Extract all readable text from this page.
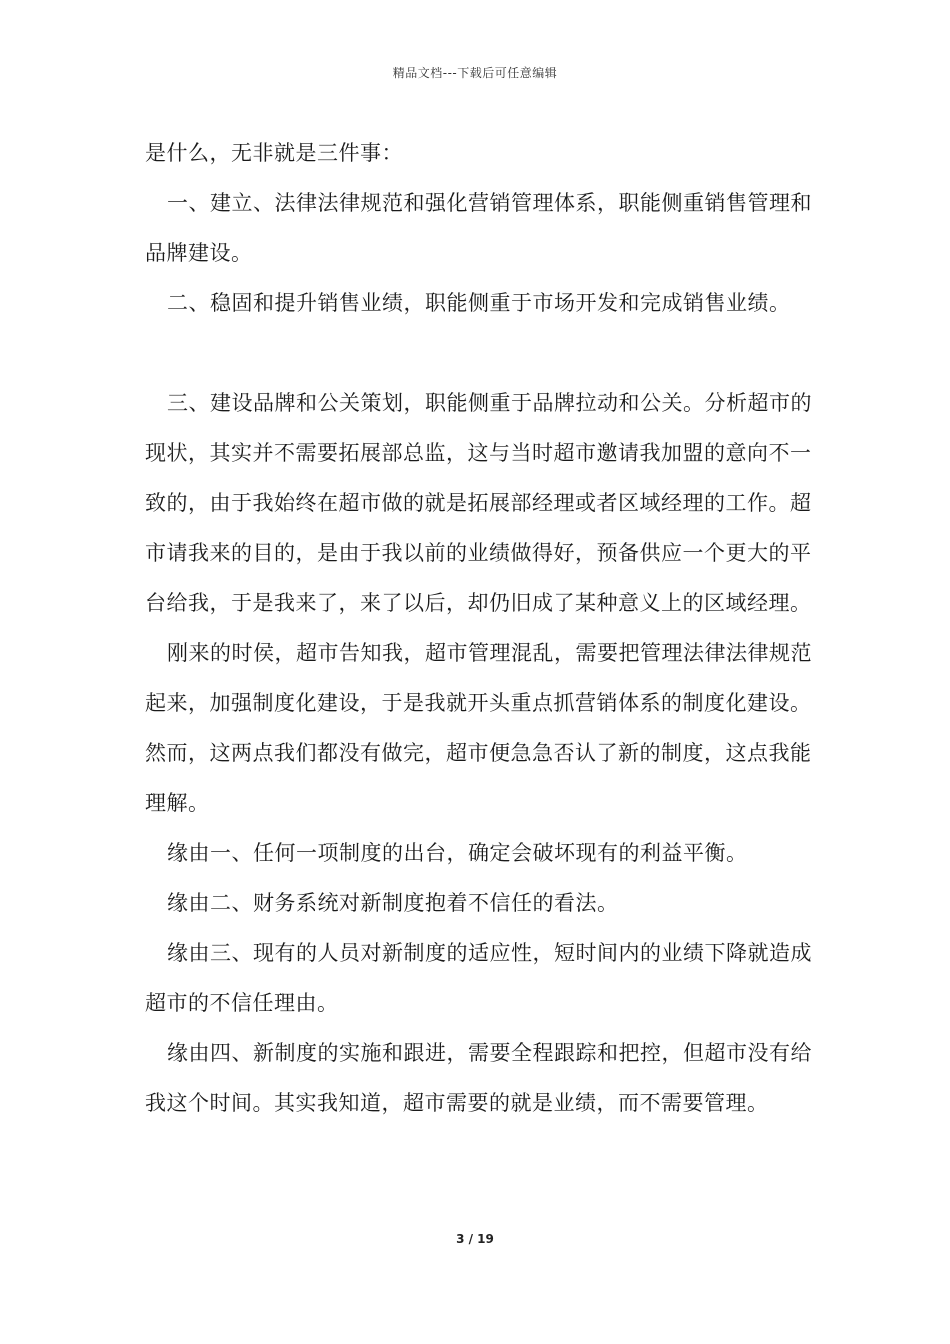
精品文档---下载后可任意编辑

是什么，无非就是三件事：

一、建立、法律法律规范和强化营销管理体系，职能侧重销售管理和品牌建设。

二、稳固和提升销售业绩，职能侧重于市场开发和完成销售业绩。

三、建设品牌和公关策划，职能侧重于品牌拉动和公关。分析超市的现状，其实并不需要拓展部总监，这与当时超市邀请我加盟的意向不一致的，由于我始终在超市做的就是拓展部经理或者区域经理的工作。超市请我来的目的，是由于我以前的业绩做得好，预备供应一个更大的平台给我，于是我来了，来了以后，却仍旧成了某种意义上的区域经理。

刚来的时侯，超市告知我，超市管理混乱，需要把管理法律法律规范起来，加强制度化建设，于是我就开头重点抓营销体系的制度化建设。然而，这两点我们都没有做完，超市便急急否认了新的制度，这点我能理解。

缘由一、任何一项制度的出台，确定会破坏现有的利益平衡。

缘由二、财务系统对新制度抱着不信任的看法。

缘由三、现有的人员对新制度的适应性，短时间内的业绩下降就造成超市的不信任理由。

缘由四、新制度的实施和跟进，需要全程跟踪和把控，但超市没有给我这个时间。其实我知道，超市需要的就是业绩，而不需要管理。

3 / 19
